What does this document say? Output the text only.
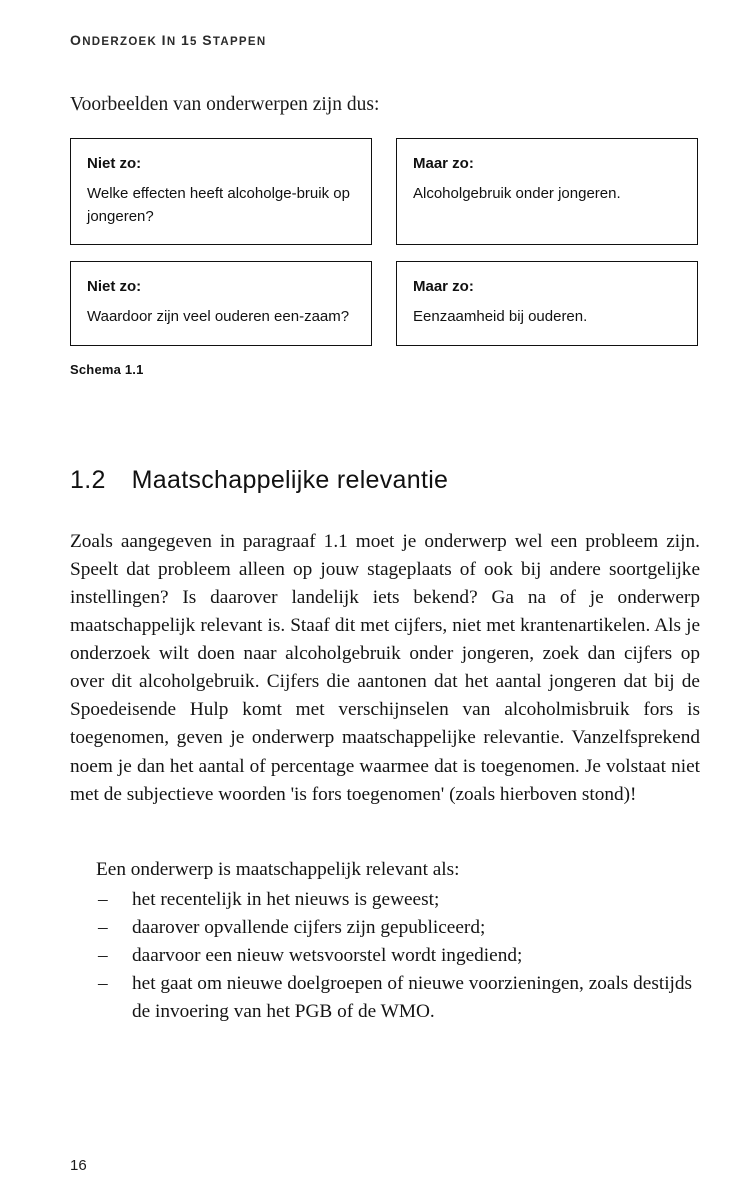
ONDERZOEK IN 15 STAPPEN
Voorbeelden van onderwerpen zijn dus:
Niet zo:
Welke effecten heeft alcoholge-bruik op jongeren?
Maar zo:
Alcoholgebruik onder jongeren.
Niet zo:
Waardoor zijn veel ouderen een-zaam?
Maar zo:
Eenzaamheid bij ouderen.
Schema 1.1
1.2 Maatschappelijke relevantie

Zoals aangegeven in paragraaf 1.1 moet je onderwerp wel een probleem zijn. Speelt dat probleem alleen op jouw stageplaats of ook bij andere soortgelijke instellingen? Is daarover landelijk iets bekend? Ga na of je onderwerp maatschappelijk relevant is. Staaf dit met cijfers, niet met krantenartikelen. Als je onderzoek wilt doen naar alcoholgebruik onder jongeren, zoek dan cijfers op over dit alcoholgebruik. Cijfers die aantonen dat het aantal jongeren dat bij de Spoedeisende Hulp komt met verschijnselen van alcoholmisbruik fors is toegenomen, geven je onderwerp maatschappelijke relevantie. Vanzelfsprekend noem je dan het aantal of percentage waarmee dat is toegenomen. Je volstaat niet met de subjectieve woorden 'is fors toegenomen' (zoals hierboven stond)!

Een onderwerp is maatschappelijk relevant als:
–	het recentelijk in het nieuws is geweest;
–	daarover opvallende cijfers zijn gepubliceerd;
–	daarvoor een nieuw wetsvoorstel wordt ingediend;
–	het gaat om nieuwe doelgroepen of nieuwe voorzieningen, zoals destijds de invoering van het PGB of de WMO.
16
